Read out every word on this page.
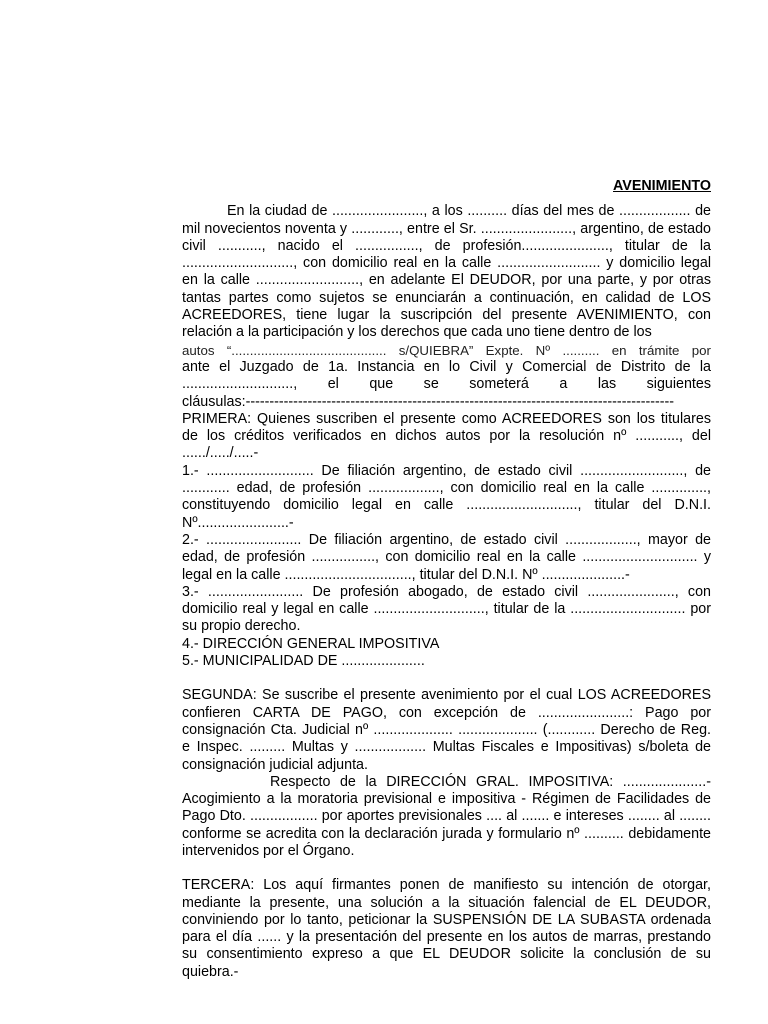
AVENIMIENTO

En la ciudad de ......................., a los .......... días del mes de .................. de mil novecientos noventa y ............, entre el Sr. ......................., argentino, de estado civil ..........., nacido el ................, de profesión......................, titular de la ............................, con domicilio real en la calle .......................... y domicilio legal en la calle .........................., en adelante El DEUDOR, por una parte, y por otras tantas partes como sujetos se enunciarán a continuación, en calidad de LOS ACREEDORES, tiene lugar la suscripción del presente AVENIMIENTO, con relación a la participación y los derechos que cada uno tiene dentro de los

autos “.......................................... s/QUIEBRA” Expte. Nº .......... en trámite por

ante el Juzgado de 1a. Instancia en lo Civil y Comercial de Distrito de la ............................, el que se someterá a las siguientes

cláusulas:------------------------------------------------------------------------------------------

PRIMERA: Quienes suscriben el presente como ACREEDORES son los titulares de los créditos verificados en dichos autos por la resolución nº ..........., del ....../...../.....-

1.- ........................... De filiación argentino, de estado civil .........................., de ............ edad, de profesión .................., con domicilio real en la calle .............., constituyendo domicilio legal en calle ............................, titular del D.N.I. Nº.......................-

2.- ........................ De filiación argentino, de estado civil .................., mayor de edad, de profesión ................, con domicilio real en la calle ............................. y legal en la calle ................................, titular del D.N.I. Nº .....................-

3.- ........................ De profesión abogado, de estado civil ......................, con domicilio real y legal en calle ............................, titular de la ............................. por su propio derecho.

4.- DIRECCIÓN GENERAL IMPOSITIVA

5.- MUNICIPALIDAD DE .....................

SEGUNDA: Se suscribe el presente avenimiento por el cual LOS ACREEDORES confieren CARTA DE PAGO, con excepción de .......................: Pago por consignación Cta. Judicial nº .................... .................... (............ Derecho de Reg. e Inspec. ......... Multas y .................. Multas Fiscales e Impositivas) s/boleta de consignación judicial adjunta.

Respecto de la DIRECCIÓN GRAL. IMPOSITIVA: .....................- Acogimiento a la moratoria previsional e impositiva - Régimen de Facilidades de Pago Dto. ................. por aportes previsionales .... al ....... e intereses ........ al ........ conforme se acredita con la declaración jurada y formulario nº .......... debidamente intervenidos por el Órgano.

TERCERA: Los aquí firmantes ponen de manifiesto su intención de otorgar, mediante la presente, una solución a la situación falencial de EL DEUDOR, conviniendo por lo tanto, peticionar la SUSPENSIÓN DE LA SUBASTA ordenada para el día ...... y la presentación del presente en los autos de marras, prestando su consentimiento expreso a que EL DEUDOR solicite la conclusión de su quiebra.-
